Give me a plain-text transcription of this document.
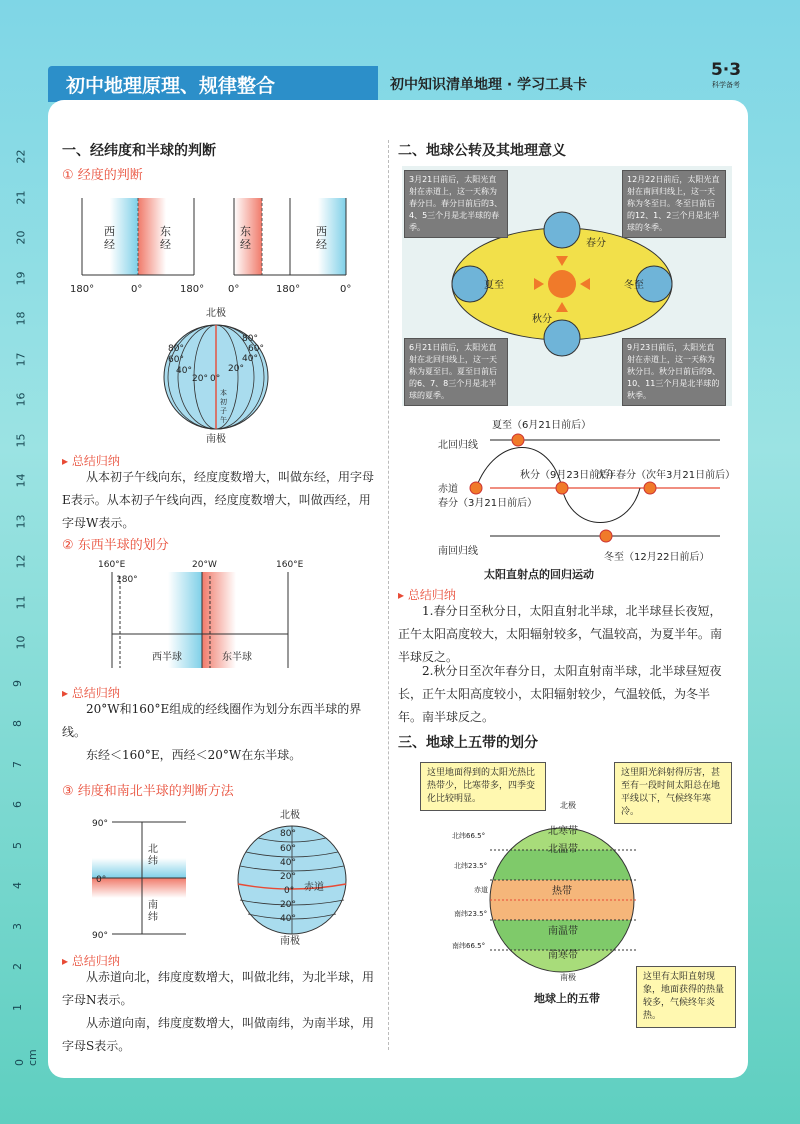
22
21
20
19
18
17
16
15
14
13
12
11
10
9
8
7
6
5
4
3
2
1
0 cm
初中地理原理、规律整合	初中知识清单地理 · 学习工具卡
5·3
科学备考
一、经纬度和半球的判断
① 经度的判断
西
经
东
经
180°	0°	180°
东
经
西
经
0°	180°	0°
北极
80°
60°
40°
20° 0°
20°
40°
60°
80°
本
初
子
午
南极
▸ 总结归纳
从本初子午线向东，经度度数增大，叫做东经，用字母E表示。从本初子午线向西，经度度数增大，叫做西经，用字母W表示。
② 东西半球的划分
160°E	20°W	160°E
180°
西半球	东半球
▸ 总结归纳
20°W和160°E组成的经线圈作为划分东西半球的界线。
东经＜160°E，西经＜20°W在东半球。
③ 纬度和南北半球的判断方法
90°
0°
90°
北
纬
南
纬
北极
80°
60°
40°
20°
0°
20°
40°
赤道
南极
▸ 总结归纳
从赤道向北，纬度度数增大，叫做北纬，为北半球，用字母N表示。
从赤道向南，纬度度数增大，叫做南纬，为南半球，用字母S表示。
二、地球公转及其地理意义
春分
夏至
秋分
冬至
3月21日前后，太阳光直射在赤道上，这一天称为春分日。春分日前后的3、4、5三个月是北半球的春季。
12月22日前后，太阳光直射在南回归线上，这一天称为冬至日。冬至日前后的12、1、2三个月是北半球的冬季。
6月21日前后，太阳光直射在北回归线上，这一天称为夏至日。夏至日前后的6、7、8三个月是北半球的夏季。
9月23日前后，太阳光直射在赤道上，这一天称为秋分日。秋分日前后的9、10、11三个月是北半球的秋季。
夏至（6月21日前后）
北回归线
秋分（9月23日前后）
次年春分（次年3月21日前后）
赤道
春分（3月21日前后）
南回归线
冬至（12月22日前后）
太阳直射点的回归运动
▸ 总结归纳
1.春分日至秋分日，太阳直射北半球，北半球昼长夜短，正午太阳高度较大，太阳辐射较多，气温较高，为夏半年。南半球反之。
2.秋分日至次年春分日，太阳直射南半球，北半球昼短夜长，正午太阳高度较小，太阳辐射较少，气温较低，为冬半年。南半球反之。
三、地球上五带的划分
北极
北纬66.5°
北纬23.5°
赤道
南纬23.5°
南纬66.5°
北寒带
北温带
热带
南温带
南寒带
南极
地球上的五带
这里地面得到的太阳光热比热带少，比寒带多，四季变化比较明显。
这里阳光斜射得厉害，甚至有一段时间太阳总在地平线以下，气候终年寒冷。
这里有太阳直射现象，地面获得的热量较多，气候终年炎热。
